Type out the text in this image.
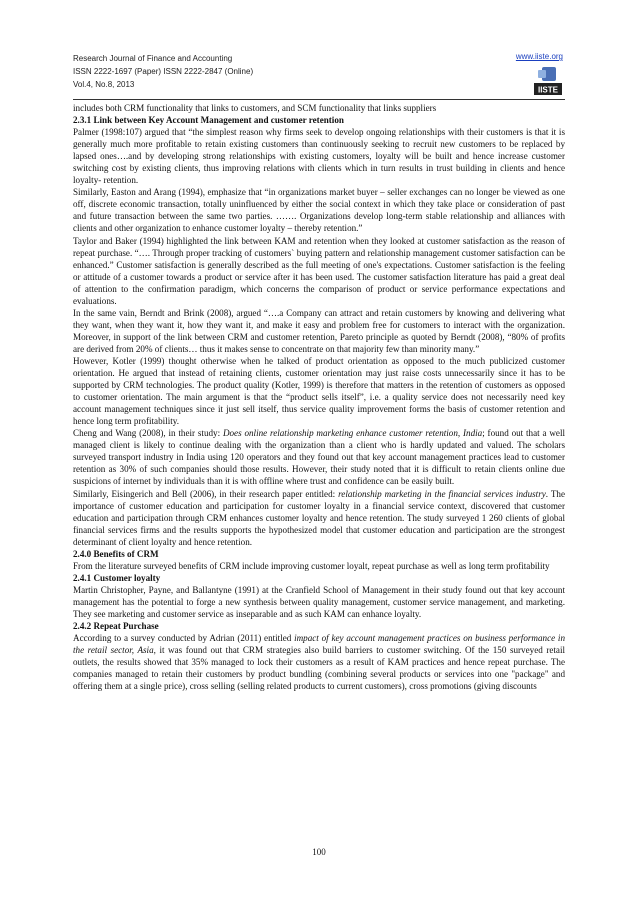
Research Journal of Finance and Accounting
ISSN 2222-1697 (Paper) ISSN 2222-2847 (Online)
Vol.4, No.8, 2013
www.iiste.org
IISTE

includes both CRM functionality that links to customers, and SCM functionality that links suppliers

2.3.1 Link between Key Account Management and customer retention

Palmer (1998:107) argued that “the simplest reason why firms seek to develop ongoing relationships with their customers is that it is generally much more profitable to retain existing customers than continuously seeking to recruit new customers to be replaced by lapsed ones….and by developing strong relationships with existing customers, loyalty will be built and hence increase customer switching cost by existing clients, thus improving relations with clients which in turn results in trust building in clients and hence loyalty- retention.

Similarly, Easton and Arang (1994), emphasize that “in organizations market buyer – seller exchanges can no longer be viewed as one off, discrete economic transaction, totally uninfluenced by either the social context in which they take place or consideration of past and future transaction between the same two parties. ……. Organizations develop long-term stable relationship and alliances with clients and other organization to enhance customer loyalty – thereby retention.”

Taylor and Baker (1994) highlighted the link between KAM and retention when they looked at customer satisfaction as the reason of repeat purchase. “…. Through proper tracking of customers` buying pattern and relationship management customer satisfaction can be enhanced.” Customer satisfaction is generally described as the full meeting of one's expectations. Customer satisfaction is the feeling or attitude of a customer towards a product or service after it has been used. The customer satisfaction literature has paid a great deal of attention to the confirmation paradigm, which concerns the comparison of product or service performance expectations and evaluations.

In the same vain, Berndt and Brink (2008), argued “….a Company can attract and retain customers by knowing and delivering what they want, when they want it, how they want it, and make it easy and problem free for customers to interact with the organization. Moreover, in support of the link between CRM and customer retention, Pareto principle as quoted by Berndt (2008), “80% of profits are derived from 20% of clients… thus it makes sense to concentrate on that majority few than minority many.”

However, Kotler (1999) thought otherwise when he talked of product orientation as opposed to the much publicized customer orientation. He argued that instead of retaining clients, customer orientation may just raise costs unnecessarily since it has to be supported by CRM technologies. The product quality (Kotler, 1999) is therefore that matters in the retention of customers as opposed to customer orientation. The main argument is that the “product sells itself”, i.e. a quality service does not necessarily need key account management techniques since it just sell itself, thus service quality improvement forms the basis of customer retention and hence long term profitability.

Cheng and Wang (2008), in their study: Does online relationship marketing enhance customer retention, India; found out that a well managed client is likely to continue dealing with the organization than a client who is hardly updated and valued. The scholars surveyed transport industry in India using 120 operators and they found out that key account management practices lead to customer retention as 30% of such companies should those results. However, their study noted that it is difficult to retain clients online due suspicions of internet by individuals than it is with offline where trust and confidence can be easily built.

Similarly, Eisingerich and Bell (2006), in their research paper entitled: relationship marketing in the financial services industry. The importance of customer education and participation for customer loyalty in a financial service context, discovered that customer education and participation through CRM enhances customer loyalty and hence retention. The study surveyed 1 260 clients of global financial services firms and the results supports the hypothesized model that customer education and participation are the strongest determinant of client loyalty and hence retention.

2.4.0 Benefits of CRM

From the literature surveyed benefits of CRM include improving customer loyalt, repeat purchase as well as long term profitability

2.4.1 Customer loyalty

Martin Christopher, Payne, and Ballantyne (1991) at the Cranfield School of Management in their study found out that key account management has the potential to forge a new synthesis between quality management, customer service management, and marketing. They see marketing and customer service as inseparable and as such KAM can enhance loyalty.

2.4.2 Repeat Purchase

According to a survey conducted by Adrian (2011) entitled impact of key account management practices on business performance in the retail sector, Asia, it was found out that CRM strategies also build barriers to customer switching. Of the 150 surveyed retail outlets, the results showed that 35% managed to lock their customers as a result of KAM practices and hence repeat purchase. The companies managed to retain their customers by product bundling (combining several products or services into one "package" and offering them at a single price), cross selling (selling related products to current customers), cross promotions (giving discounts

100
